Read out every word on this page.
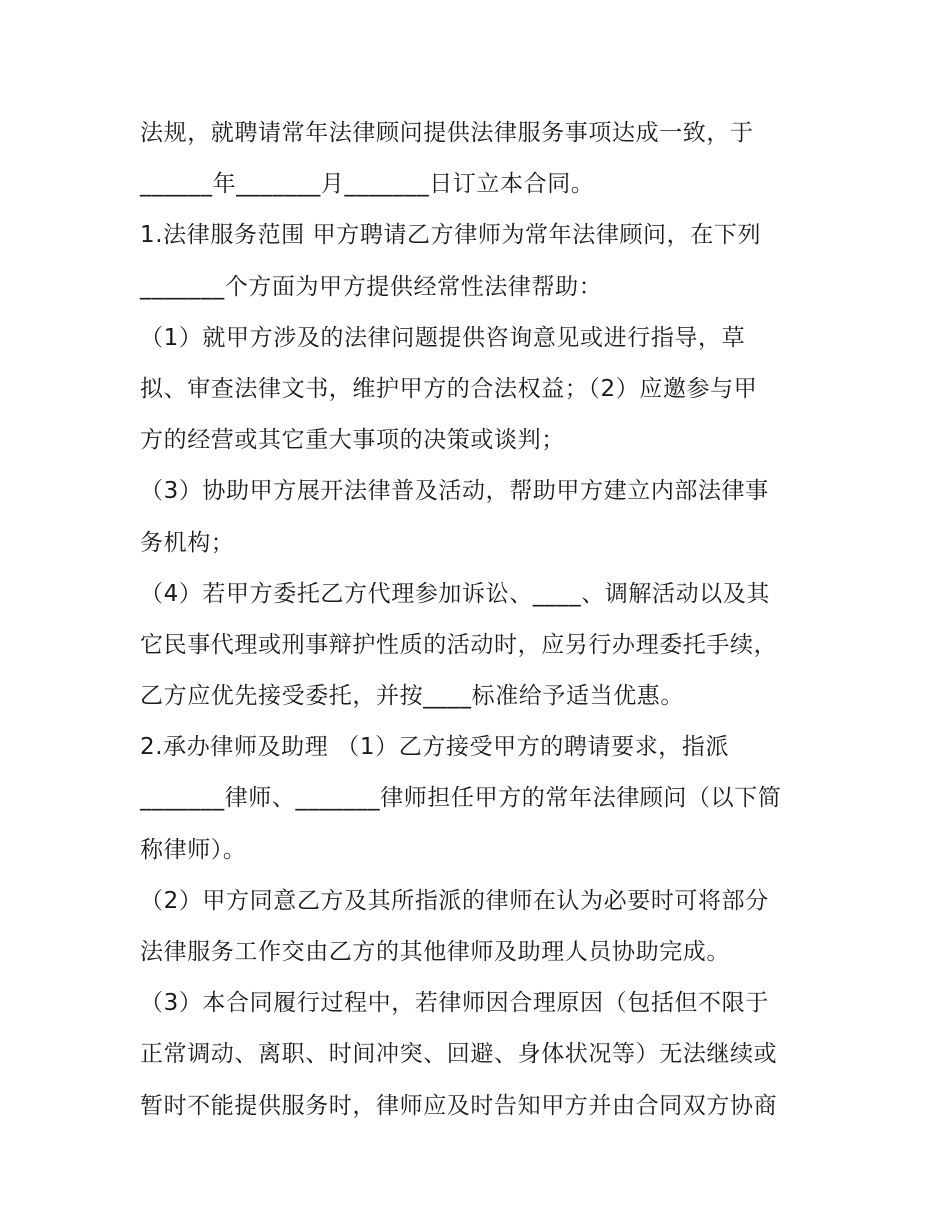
法规，就聘请常年法律顾问提供法律服务事项达成一致，于
______年_______月_______日订立本合同。
1.法律服务范围 甲方聘请乙方律师为常年法律顾问，在下列
_______个方面为甲方提供经常性法律帮助：
（1）就甲方涉及的法律问题提供咨询意见或进行指导，草
拟、审查法律文书，维护甲方的合法权益；（2）应邀参与甲
方的经营或其它重大事项的决策或谈判；
（3）协助甲方展开法律普及活动，帮助甲方建立内部法律事
务机构；
（4）若甲方委托乙方代理参加诉讼、____、调解活动以及其
它民事代理或刑事辩护性质的活动时，应另行办理委托手续，
乙方应优先接受委托，并按____标准给予适当优惠。
2.承办律师及助理 （1）乙方接受甲方的聘请要求，指派
_______律师、_______律师担任甲方的常年法律顾问（以下简
称律师）。
（2）甲方同意乙方及其所指派的律师在认为必要时可将部分
法律服务工作交由乙方的其他律师及助理人员协助完成。
（3）本合同履行过程中，若律师因合理原因（包括但不限于
正常调动、离职、时间冲突、回避、身体状况等）无法继续或
暂时不能提供服务时，律师应及时告知甲方并由合同双方协商
